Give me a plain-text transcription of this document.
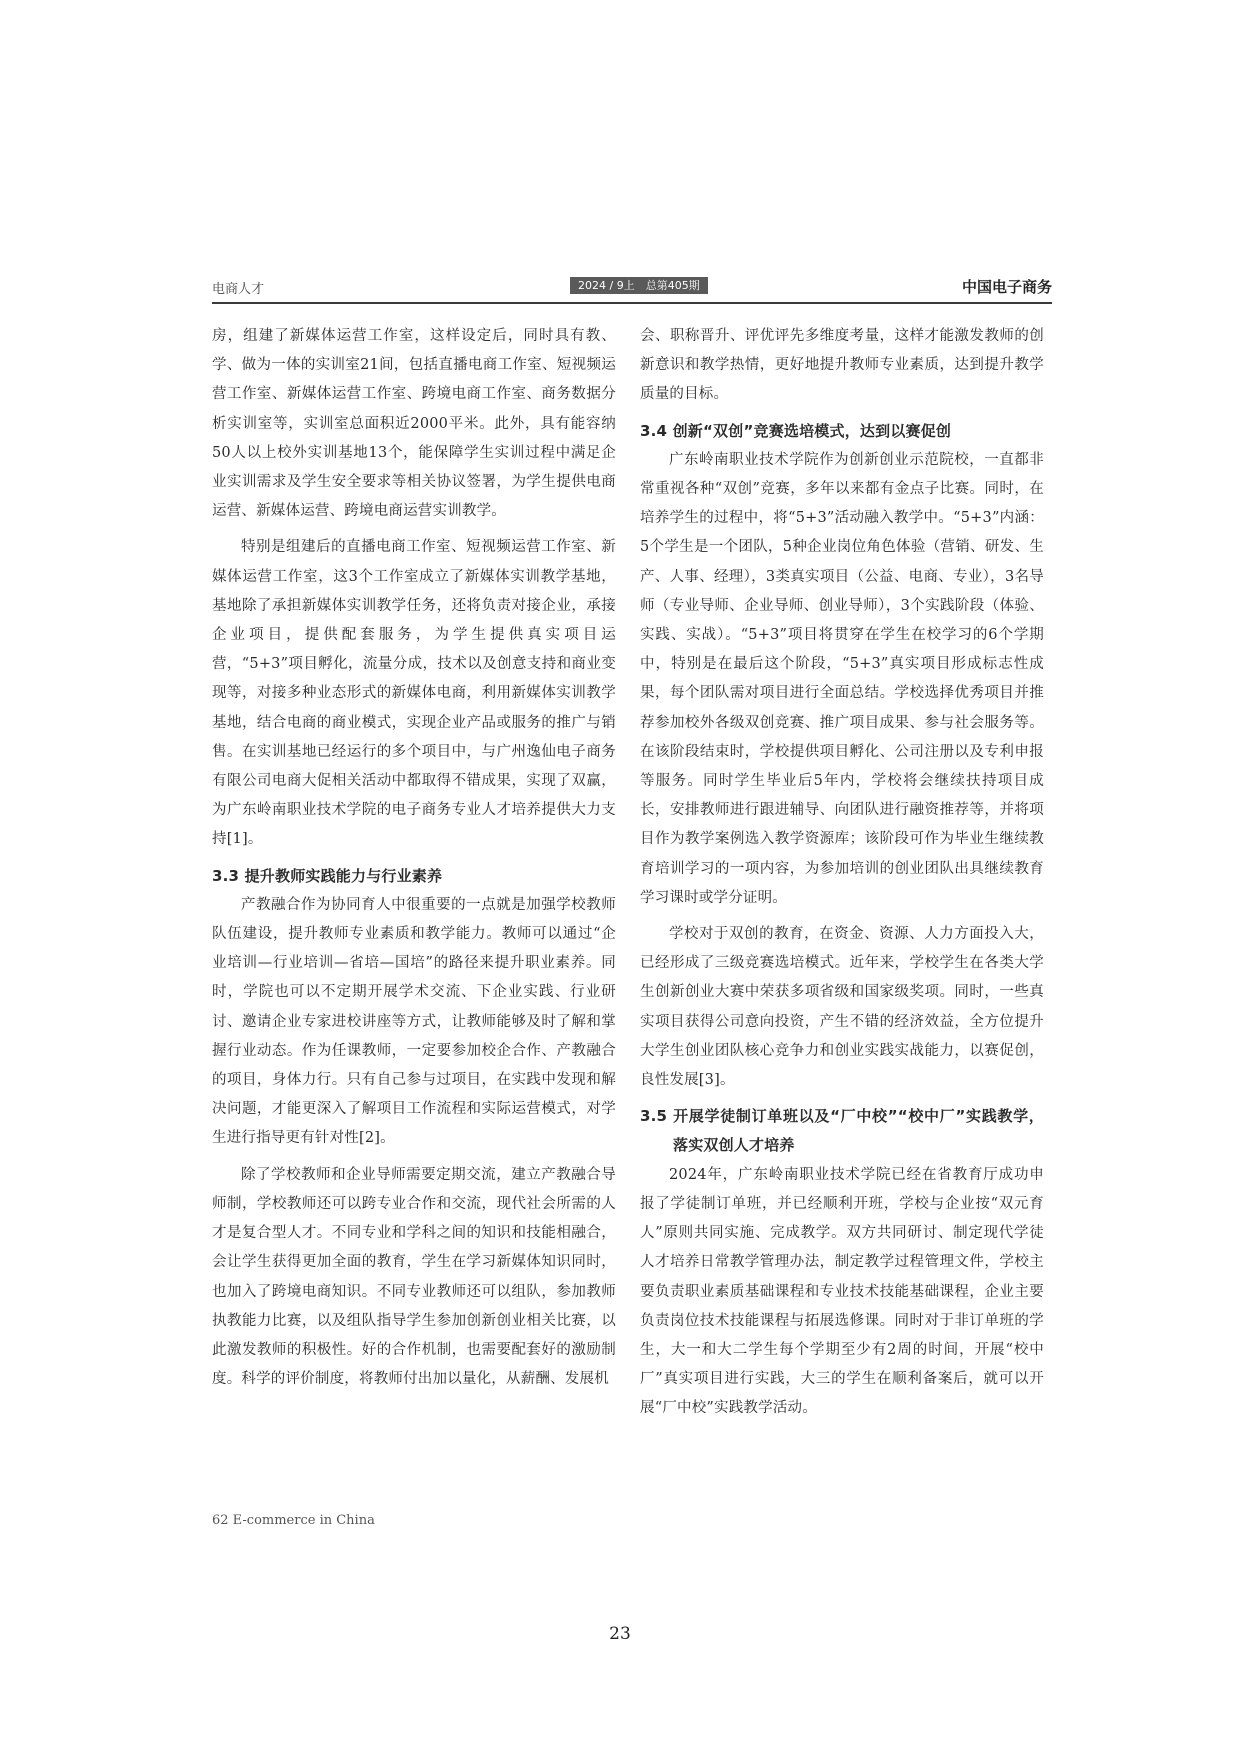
电商人才	2024 / 9上　总第405期	中国电子商务

房，组建了新媒体运营工作室，这样设定后，同时具有教、学、做为一体的实训室21间，包括直播电商工作室、短视频运营工作室、新媒体运营工作室、跨境电商工作室、商务数据分析实训室等，实训室总面积近2000平米。此外，具有能容纳50人以上校外实训基地13个，能保障学生实训过程中满足企业实训需求及学生安全要求等相关协议签署，为学生提供电商运营、新媒体运营、跨境电商运营实训教学。

特别是组建后的直播电商工作室、短视频运营工作室、新媒体运营工作室，这3个工作室成立了新媒体实训教学基地，基地除了承担新媒体实训教学任务，还将负责对接企业，承接企业项目，提供配套服务，为学生提供真实项目运营，“5+3”项目孵化，流量分成，技术以及创意支持和商业变现等，对接多种业态形式的新媒体电商，利用新媒体实训教学基地，结合电商的商业模式，实现企业产品或服务的推广与销售。在实训基地已经运行的多个项目中，与广州逸仙电子商务有限公司电商大促相关活动中都取得不错成果，实现了双赢，为广东岭南职业技术学院的电子商务专业人才培养提供大力支持[1]。

3.3 提升教师实践能力与行业素养

产教融合作为协同育人中很重要的一点就是加强学校教师队伍建设，提升教师专业素质和教学能力。教师可以通过“企业培训—行业培训—省培—国培”的路径来提升职业素养。同时，学院也可以不定期开展学术交流、下企业实践、行业研讨、邀请企业专家进校讲座等方式，让教师能够及时了解和掌握行业动态。作为任课教师，一定要参加校企合作、产教融合的项目，身体力行。只有自己参与过项目，在实践中发现和解决问题，才能更深入了解项目工作流程和实际运营模式，对学生进行指导更有针对性[2]。

除了学校教师和企业导师需要定期交流，建立产教融合导师制，学校教师还可以跨专业合作和交流，现代社会所需的人才是复合型人才。不同专业和学科之间的知识和技能相融合，会让学生获得更加全面的教育，学生在学习新媒体知识同时，也加入了跨境电商知识。不同专业教师还可以组队，参加教师执教能力比赛，以及组队指导学生参加创新创业相关比赛，以此激发教师的积极性。好的合作机制，也需要配套好的激励制度。科学的评价制度，将教师付出加以量化，从薪酬、发展机

会、职称晋升、评优评先多维度考量，这样才能激发教师的创新意识和教学热情，更好地提升教师专业素质，达到提升教学质量的目标。

3.4 创新“双创”竞赛选培模式，达到以赛促创

广东岭南职业技术学院作为创新创业示范院校，一直都非常重视各种“双创”竞赛，多年以来都有金点子比赛。同时，在培养学生的过程中，将“5+3”活动融入教学中。“5+3”内涵：5个学生是一个团队，5种企业岗位角色体验（营销、研发、生产、人事、经理），3类真实项目（公益、电商、专业），3名导师（专业导师、企业导师、创业导师），3个实践阶段（体验、实践、实战）。“5+3”项目将贯穿在学生在校学习的6个学期中，特别是在最后这个阶段，“5+3”真实项目形成标志性成果，每个团队需对项目进行全面总结。学校选择优秀项目并推荐参加校外各级双创竞赛、推广项目成果、参与社会服务等。在该阶段结束时，学校提供项目孵化、公司注册以及专利申报等服务。同时学生毕业后5年内，学校将会继续扶持项目成长，安排教师进行跟进辅导、向团队进行融资推荐等，并将项目作为教学案例选入教学资源库；该阶段可作为毕业生继续教育培训学习的一项内容，为参加培训的创业团队出具继续教育学习课时或学分证明。

学校对于双创的教育，在资金、资源、人力方面投入大，已经形成了三级竞赛选培模式。近年来，学校学生在各类大学生创新创业大赛中荣获多项省级和国家级奖项。同时，一些真实项目获得公司意向投资，产生不错的经济效益，全方位提升大学生创业团队核心竞争力和创业实践实战能力，以赛促创，良性发展[3]。

3.5 开展学徒制订单班以及“厂中校”“校中厂”实践教学，落实双创人才培养

2024年，广东岭南职业技术学院已经在省教育厅成功申报了学徒制订单班，并已经顺利开班，学校与企业按“双元育人”原则共同实施、完成教学。双方共同研讨、制定现代学徒人才培养日常教学管理办法，制定教学过程管理文件，学校主要负责职业素质基础课程和专业技术技能基础课程，企业主要负责岗位技术技能课程与拓展选修课。同时对于非订单班的学生，大一和大二学生每个学期至少有2周的时间，开展“校中厂”真实项目进行实践，大三的学生在顺利备案后，就可以开展“厂中校”实践教学活动。

62 E-commerce in China
23
